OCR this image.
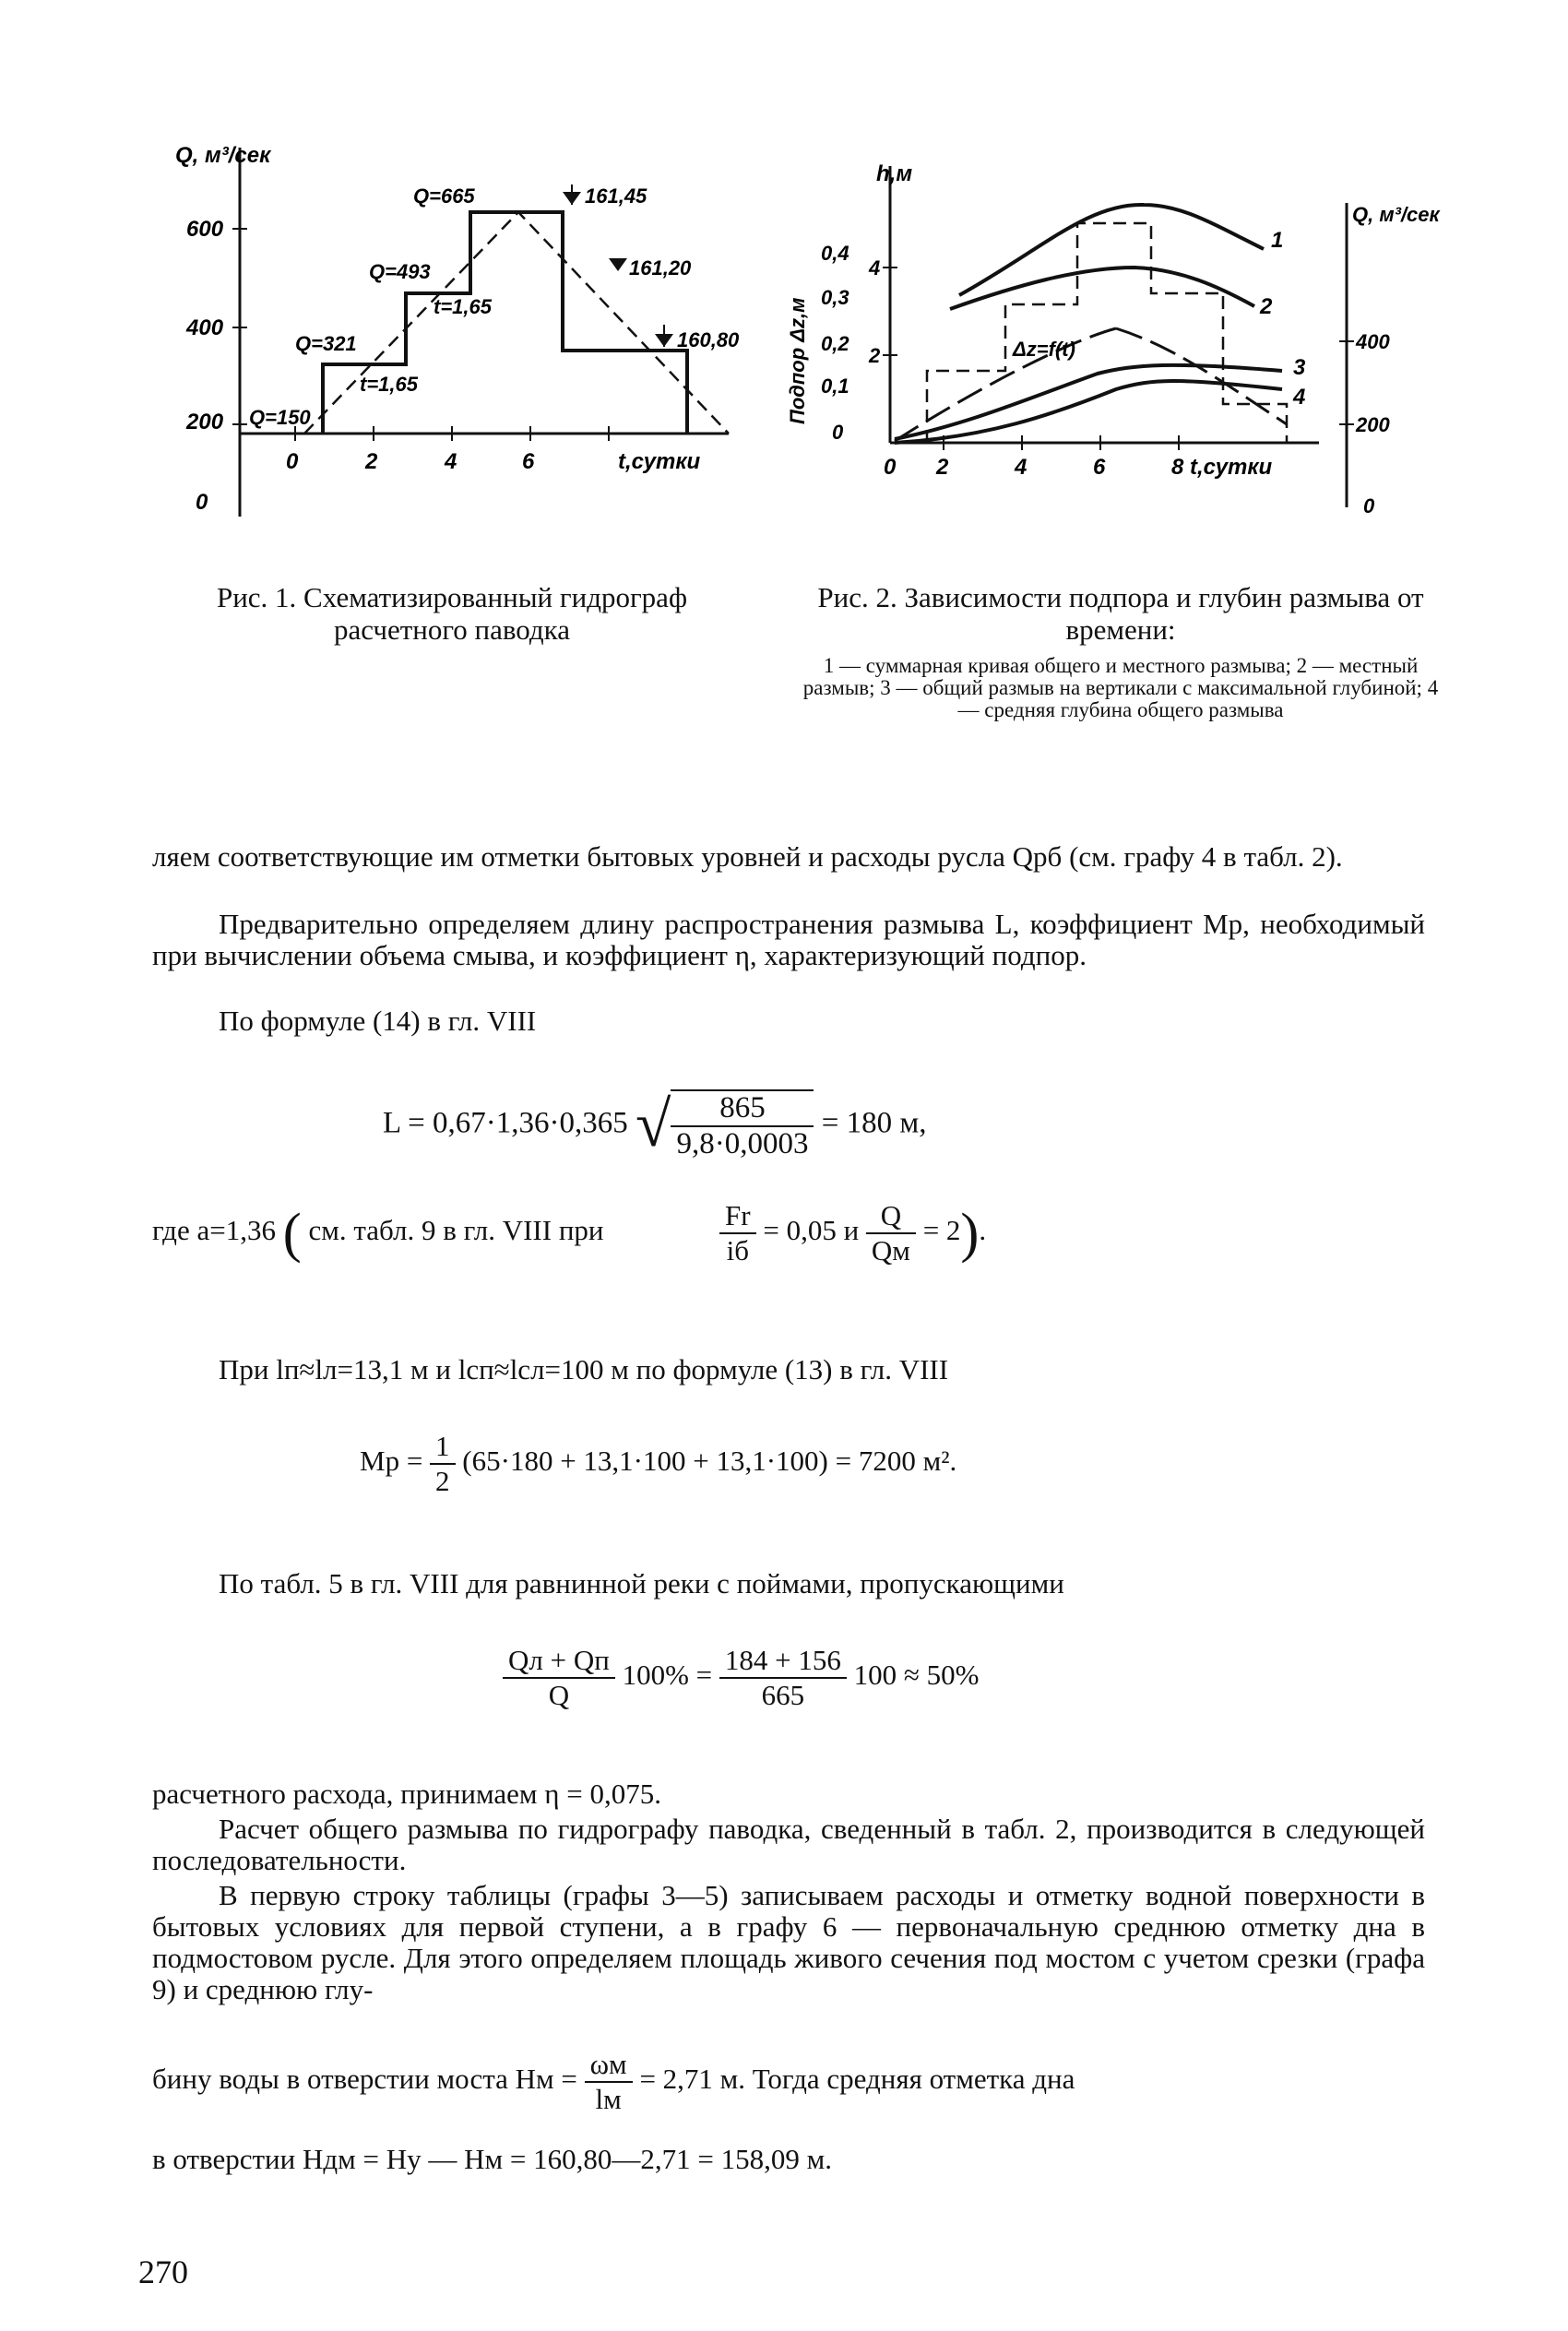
Q, м³/сек
600
400
200
0
0	2	4	6	t,сутки
Q=665	161,45
Q=493
t=1,65
161,20
Q=321	160,80
t=1,65
Q=150
Рис. 1. Схематизированный гидрограф расчетного паводка
h,м
Подпор Δz,м
0,4
0,3
0,2
0,1
0
4
2
0 2	4	6	8 t,сутки
Q, м³/сек
400
200
0
1
2
3
4
Δz=f(t)
Рис. 2. Зависимости подпора и глубин размыва от времени:
1 — суммарная кривая общего и местного размыва; 2 — местный размыв; 3 — общий размыв на вертикали с максимальной глубиной; 4 — средняя глубина общего размыва
ляем соответствующие им отметки бытовых уровней и расходы русла Qрб (см. графу 4 в табл. 2).
Предварительно определяем длину распространения размыва L, коэффициент Mр, необходимый при вычислении объема смыва, и коэффициент η, характеризующий подпор.
По формуле (14) в гл. VIII
L = 0,67·1,36·0,365 √ $\frac{865}{9,8\cdot 0,0003} = 180$ м,
где a=1,36 ( см. табл. 9 в гл. VIII при	$\frac{Fr}{iб} = 0,05$ и $\frac{Q}{Qм} = 2$).
При lп≈lл=13,1 м и lсп≈lсл=100 м по формуле (13) в гл. VIII
Mр = $\frac{1}{2} (65\cdot 180 + 13,1\cdot 100 + 13,1\cdot 100) = 7200$ м².
По табл. 5 в гл. VIII для равнинной реки с поймами, пропускающими
$\frac{Qл + Qп}{Q} 100\% = \frac{184 + 156}{665} 100 \approx 50\%$
расчетного расхода, принимаем η = 0,075.
Расчет общего размыва по гидрографу паводка, сведенный в табл. 2, производится в следующей последовательности.
В первую строку таблицы (графы 3—5) записываем расходы и отметку водной поверхности в бытовых условиях для первой ступени, а в графу 6 — первоначальную среднюю отметку дна в подмостовом русле. Для этого определяем площадь живого сечения под мостом с учетом срезки (графа 9) и среднюю глу-
бину воды в отверстии моста Hм = $\frac{\omega м}{lм} = 2,71$ м. Тогда средняя отметка дна
в отверстии Hдм = Hу — Hм = 160,80—2,71 = 158,09 м.
270
